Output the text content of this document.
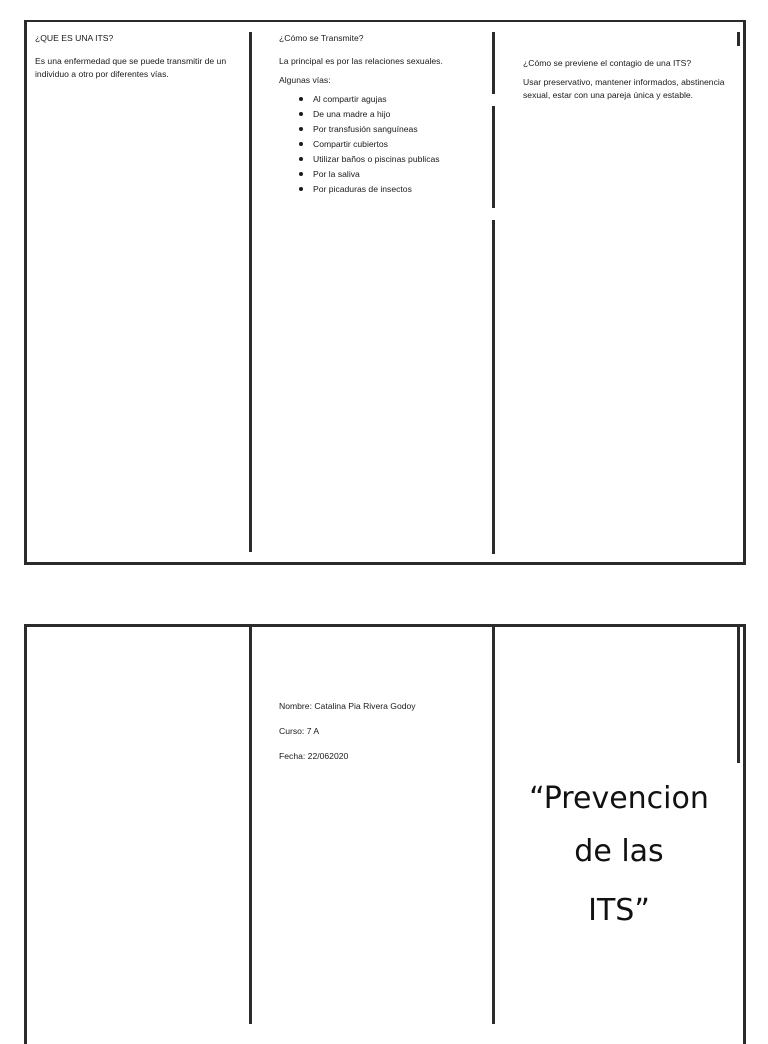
¿QUE ES UNA ITS?

Es una enfermedad que se puede transmitir de un individuo a otro por diferentes vías.

¿Cómo se Transmite?

La principal es por las relaciones sexuales.

Algunas vías:

Al compartir agujas
De una madre a hijo
Por transfusión sanguíneas
Compartir cubiertos
Utilizar baños o piscinas publicas
Por la saliva
Por picaduras de insectos

¿Cómo se previene el contagio de una ITS?

Usar preservativo, mantener informados, abstinencia sexual, estar con una pareja única y estable.

Nombre: Catalina Pia Rivera Godoy

Curso: 7 A

Fecha: 22/062020

“Prevencion
de las
ITS”
